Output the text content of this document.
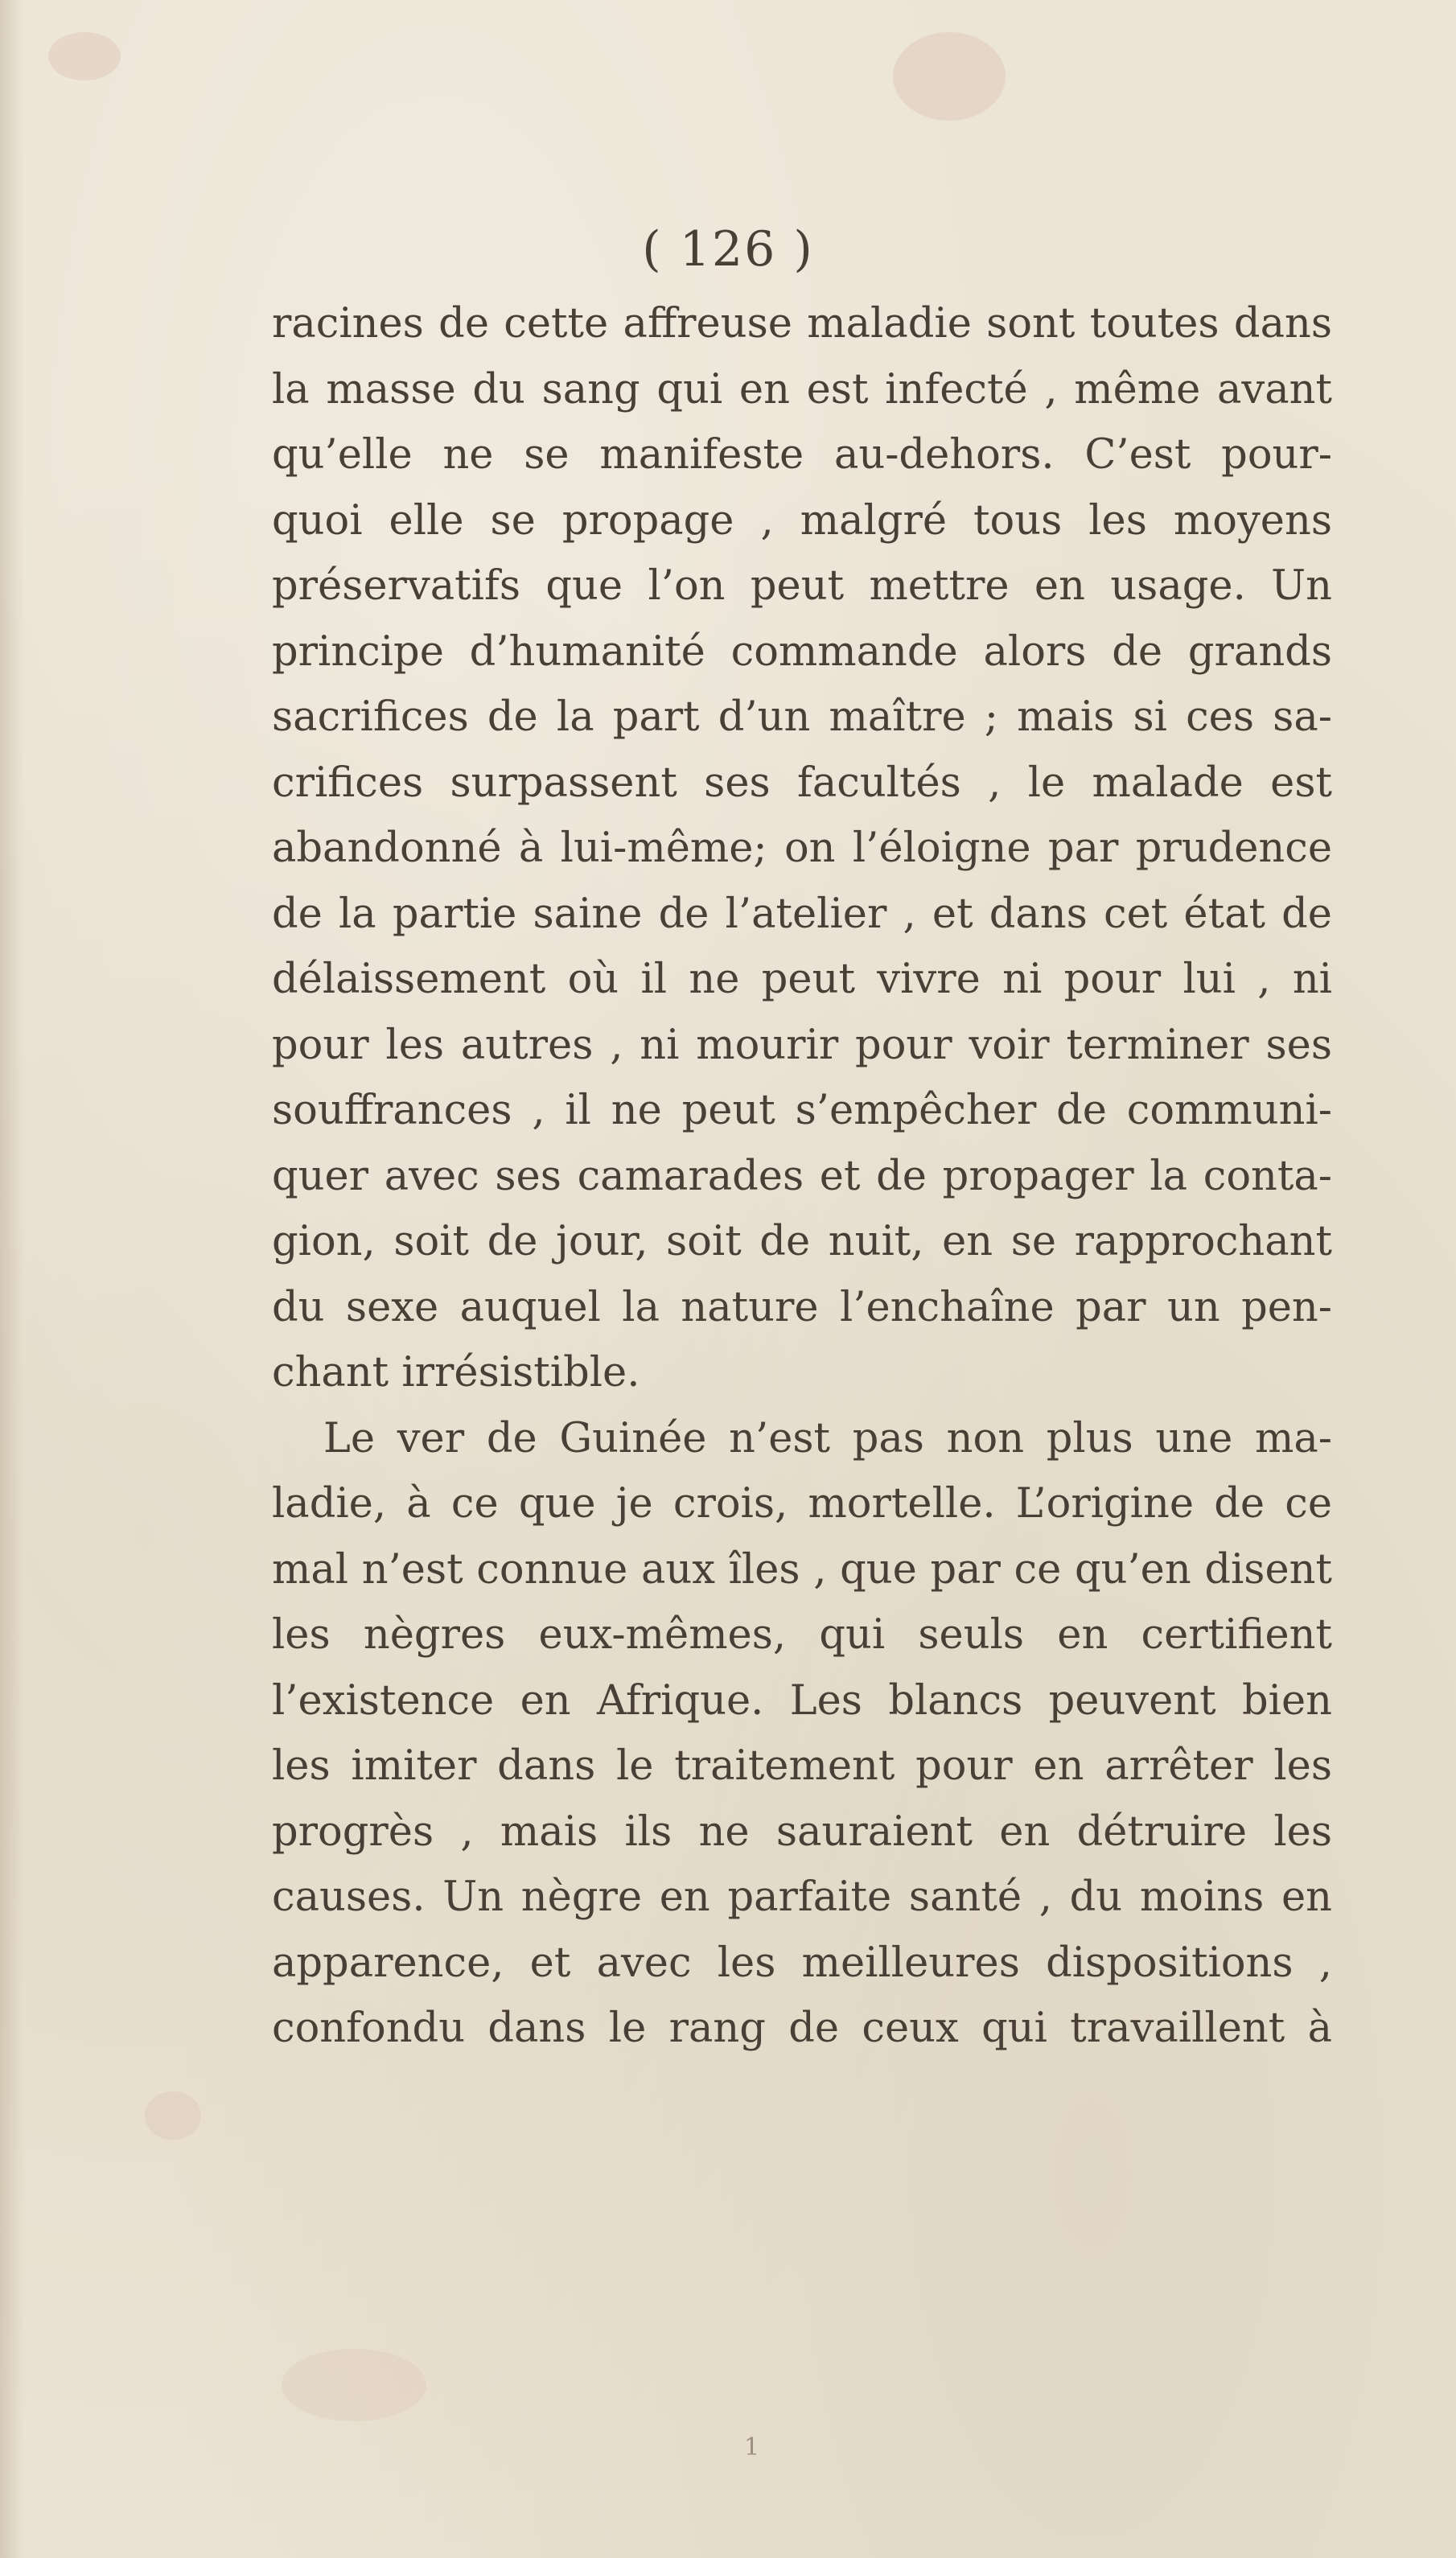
( 126 )
racines de cette affreuse maladie sont toutes dans
la masse du sang qui en est infecté , même avant
qu’elle ne se manifeste au-dehors. C’est pour-
quoi elle se propage , malgré tous les moyens
préservatifs que l’on peut mettre en usage. Un
principe d’humanité commande alors de grands
sacrifices de la part d’un maître ; mais si ces sa-
crifices surpassent ses facultés , le malade est
abandonné à lui-même; on l’éloigne par prudence
de la partie saine de l’atelier , et dans cet état de
délaissement où il ne peut vivre ni pour lui , ni
pour les autres , ni mourir pour voir terminer ses
souffrances , il ne peut s’empêcher de communi-
quer avec ses camarades et de propager la conta-
gion, soit de jour, soit de nuit, en se rapprochant
du sexe auquel la nature l’enchaîne par un pen-
chant irrésistible.
Le ver de Guinée n’est pas non plus une ma-
ladie, à ce que je crois, mortelle. L’origine de ce
mal n’est connue aux îles , que par ce qu’en disent
les nègres eux-mêmes, qui seuls en certifient
l’existence en Afrique. Les blancs peuvent bien
les imiter dans le traitement pour en arrêter les
progrès , mais ils ne sauraient en détruire les
causes. Un nègre en parfaite santé , du moins en
apparence, et avec les meilleures dispositions ,
confondu dans le rang de ceux qui travaillent à
1
